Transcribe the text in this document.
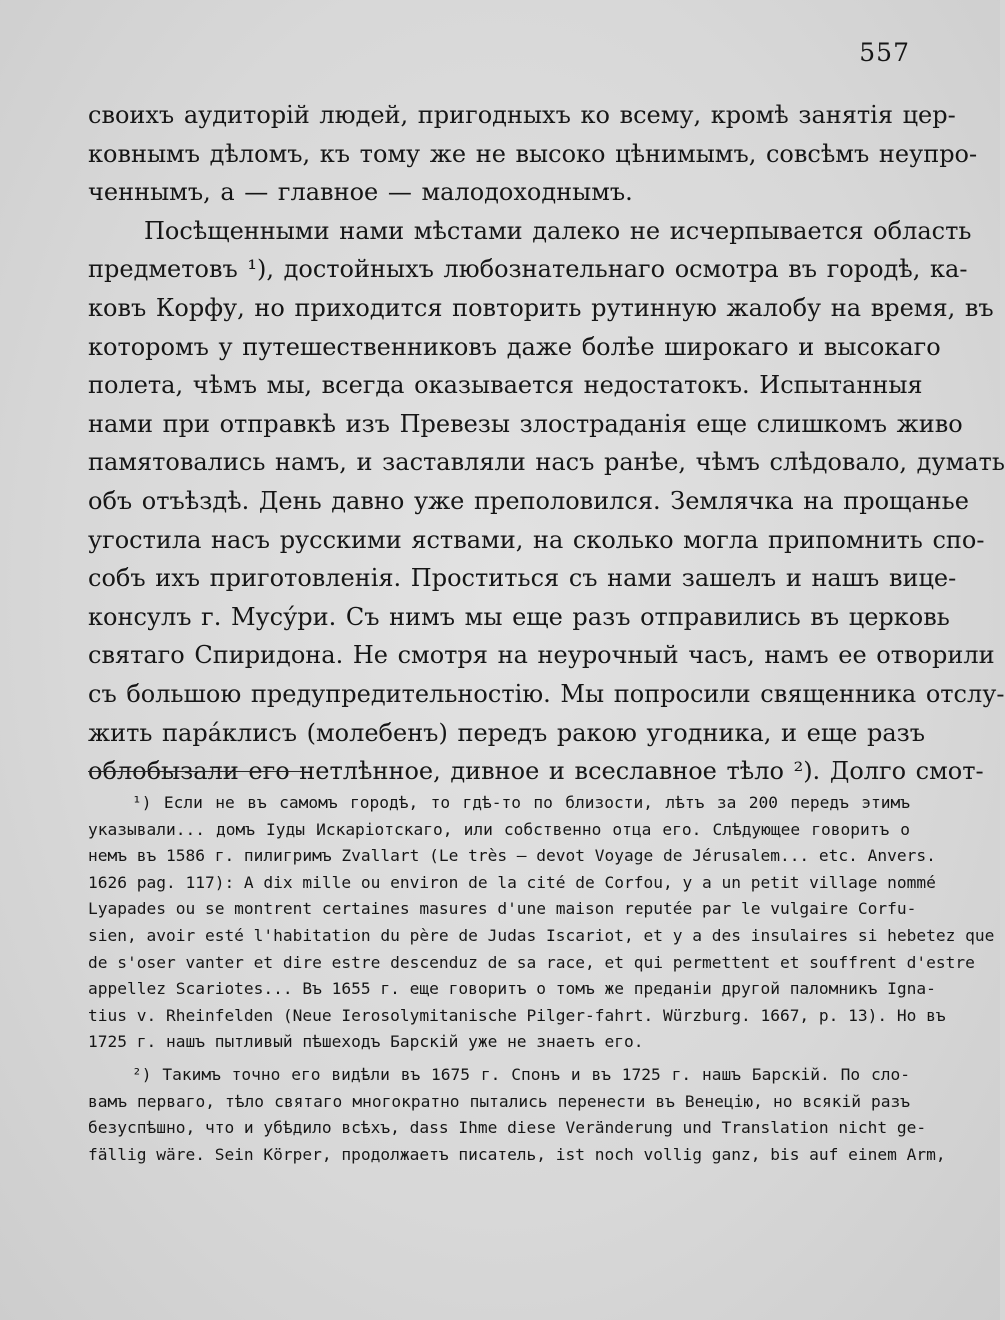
557
своихъ аудиторій людей, пригодныхъ ко всему, кромѣ занятія цер-
ковнымъ дѣломъ, къ тому же не высоко цѣнимымъ, совсѣмъ неупро-
ченнымъ, а — главное — малодоходнымъ.
Посѣщенными нами мѣстами далеко не исчерпывается область
предметовъ ¹), достойныхъ любознательнаго осмотра въ городѣ, ка-
ковъ Корфу, но приходится повторить рутинную жалобу на время, въ
которомъ у путешественниковъ даже болѣе широкаго и высокаго
полета, чѣмъ мы, всегда оказывается недостатокъ. Испытанныя
нами при отправкѣ изъ Превезы злостраданія еще слишкомъ живо
памятовались намъ, и заставляли насъ ранѣе, чѣмъ слѣдовало, думать
объ отъѣздѣ. День давно уже преполовился. Землячка на прощанье
угостила насъ русскими яствами, на сколько могла припомнить спо-
собъ ихъ приготовленія. Проститься съ нами зашелъ и нашъ вице-
консулъ г. Мусу́ри. Съ нимъ мы еще разъ отправились въ церковь
святаго Спиридона. Не смотря на неурочный часъ, намъ ее отворили
съ большою предупредительностію. Мы попросили священника отслу-
жить пара́клисъ (молебенъ) передъ ракою угодника, и еще разъ
облобызали его нетлѣнное, дивное и всеславное тѣло ²). Долго смот-
¹) Если не въ самомъ городѣ, то гдѣ-то по близости, лѣтъ за 200 передъ этимъ
указывали... домъ Іуды Искаріотскаго, или собственно отца его. Слѣдующее говоритъ о
немъ въ 1586 г. пилигримъ Zvallart (Le très — devot Voyage de Jérusalem... etc. Anvers.
1626 pag. 117): A dix mille ou environ de la cité de Corfou, y a un petit village nommé
Lyapades ou se montrent certaines masures d'une maison reputée par le vulgaire Corfu-
sien, avoir esté l'habitation du père de Judas Iscariot, et y a des insulaires si hebetez que
de s'oser vanter et dire estre descenduz de sa race, et qui permettent et souffrent d'estre
appellez Scariotes... Въ 1655 г. еще говоритъ о томъ же преданіи другой паломникъ Igna-
tius v. Rheinfelden (Neue Ierosolymitanische Pilger-fahrt. Würzburg. 1667, p. 13). Но въ
1725 г. нашъ пытливый пѣшеходъ Барскій уже не знаетъ его.
²) Такимъ точно его видѣли въ 1675 г. Спонъ и въ 1725 г. нашъ Барскій. По сло-
вамъ перваго, тѣло святаго многократно пытались перенести въ Венецію, но всякій разъ
безуспѣшно, что и убѣдило всѣхъ, dass Ihme diese Veränderung und Translation nicht ge-
fällig wäre. Sein Körper, продолжаетъ писатель, ist noch vollig ganz, bis auf einem Arm,
